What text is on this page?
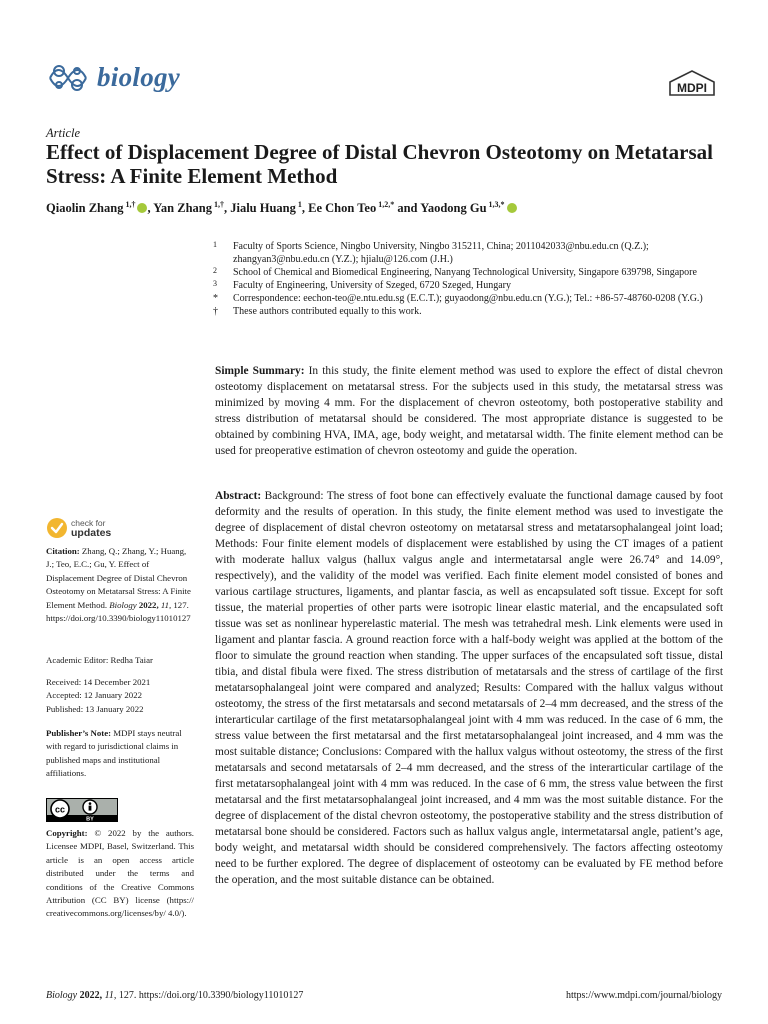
biology	MDPI
Article
Effect of Displacement Degree of Distal Chevron Osteotomy on Metatarsal Stress: A Finite Element Method
Qiaolin Zhang $^{1,\dagger}$ , Yan Zhang $^{1,\dagger}$, Jialu Huang $^1$, Ee Chon Teo $^{1,2,*}$ and Yaodong Gu $^{1,3,*}$
1 Faculty of Sports Science, Ningbo University, Ningbo 315211, China; 2011042033@nbu.edu.cn (Q.Z.); zhangyan3@nbu.edu.cn (Y.Z.); hjialu@126.com (J.H.)
2 School of Chemical and Biomedical Engineering, Nanyang Technological University, Singapore 639798, Singapore
3 Faculty of Engineering, University of Szeged, 6720 Szeged, Hungary
* Correspondence: eechon-teo@e.ntu.edu.sg (E.C.T.); guyaodong@nbu.edu.cn (Y.G.); Tel.: +86-57-48760-0208 (Y.G.)
† These authors contributed equally to this work.

Simple Summary: In this study, the finite element method was used to explore the effect of distal chevron osteotomy displacement on metatarsal stress. For the subjects used in this study, the metatarsal stress was minimized by moving 4 mm. For the displacement of chevron osteotomy, both postoperative stability and stress distribution of metatarsal should be considered. The most appropriate distance is suggested to be obtained by combining HVA, IMA, age, body weight, and metatarsal width. The finite element method can be used for preoperative estimation of chevron osteotomy and guide the operation.

Abstract: Background: The stress of foot bone can effectively evaluate the functional damage caused by foot deformity and the results of operation. In this study, the finite element method was used to investigate the degree of displacement of distal chevron osteotomy on metatarsal stress and metatarsophalangeal joint load; Methods: Four finite element models of displacement were established by using the CT images of a patient with moderate hallux valgus (hallux valgus angle and intermetatarsal angle were 26.74° and 14.09°, respectively), and the validity of the model was verified. Each finite element model consisted of bones and various cartilage structures, ligaments, and plantar fascia, as well as encapsulated soft tissue. Except for soft tissue, the material properties of other parts were isotropic linear elastic material, and the encapsulated soft tissue was set as nonlinear hyperelastic material. The mesh was tetrahedral mesh. Link elements were used in ligament and plantar fascia. A ground reaction force with a half-body weight was applied at the bottom of the floor to simulate the ground reaction when standing. The upper surfaces of the encapsulated soft tissue, distal tibia, and distal fibula were fixed. The stress distribution of metatarsals and the stress of cartilage of the first metatarsophalangeal joint were compared and analyzed; Results: Compared with the hallux valgus without osteotomy, the stress of the first metatarsals and second metatarsals of 2–4 mm decreased, and the stress of the interarticular cartilage of the first metatarsophalangeal joint with 4 mm was reduced. In the case of 6 mm, the stress value between the first metatarsal and the first metatarsophalangeal joint increased, and 4 mm was the most suitable distance; Conclusions: Compared with the hallux valgus without osteotomy, the stress of the first metatarsals and second metatarsals of 2–4 mm decreased, and the stress of the interarticular cartilage of the first metatarsophalangeal joint with 4 mm was reduced. In the case of 6 mm, the stress value between the first metatarsal and the first metatarsophalangeal joint increased, and 4 mm was the most suitable distance. For the degree of displacement of the distal chevron osteotomy, the postoperative stability and the stress distribution of metatarsal bone should be considered. Factors such as hallux valgus angle, intermetatarsal angle, patient’s age, body weight, and metatarsal width should be considered comprehensively. The factors affecting osteotomy need to be further explored. The degree of displacement of osteotomy can be evaluated by FE method before the operation, and the most suitable distance can be obtained.

check for
updates

Citation: Zhang, Q.; Zhang, Y.; Huang, J.; Teo, E.C.; Gu, Y. Effect of Displacement Degree of Distal Chevron Osteotomy on Metatarsal Stress: A Finite Element Method. Biology 2022, 11, 127. https://doi.org/10.3390/biology11010127

Academic Editor: Redha Taiar

Received: 14 December 2021

Accepted: 12 January 2022

Published: 13 January 2022

Publisher’s Note: MDPI stays neutral with regard to jurisdictional claims in published maps and institutional affiliations.

cc
BY

Copyright: © 2022 by the authors. Licensee MDPI, Basel, Switzerland. This article is an open access article distributed under the terms and conditions of the Creative Commons Attribution (CC BY) license (https:// creativecommons.org/licenses/by/ 4.0/).

Biology 2022, 11, 127. https://doi.org/10.3390/biology11010127	https://www.mdpi.com/journal/biology
